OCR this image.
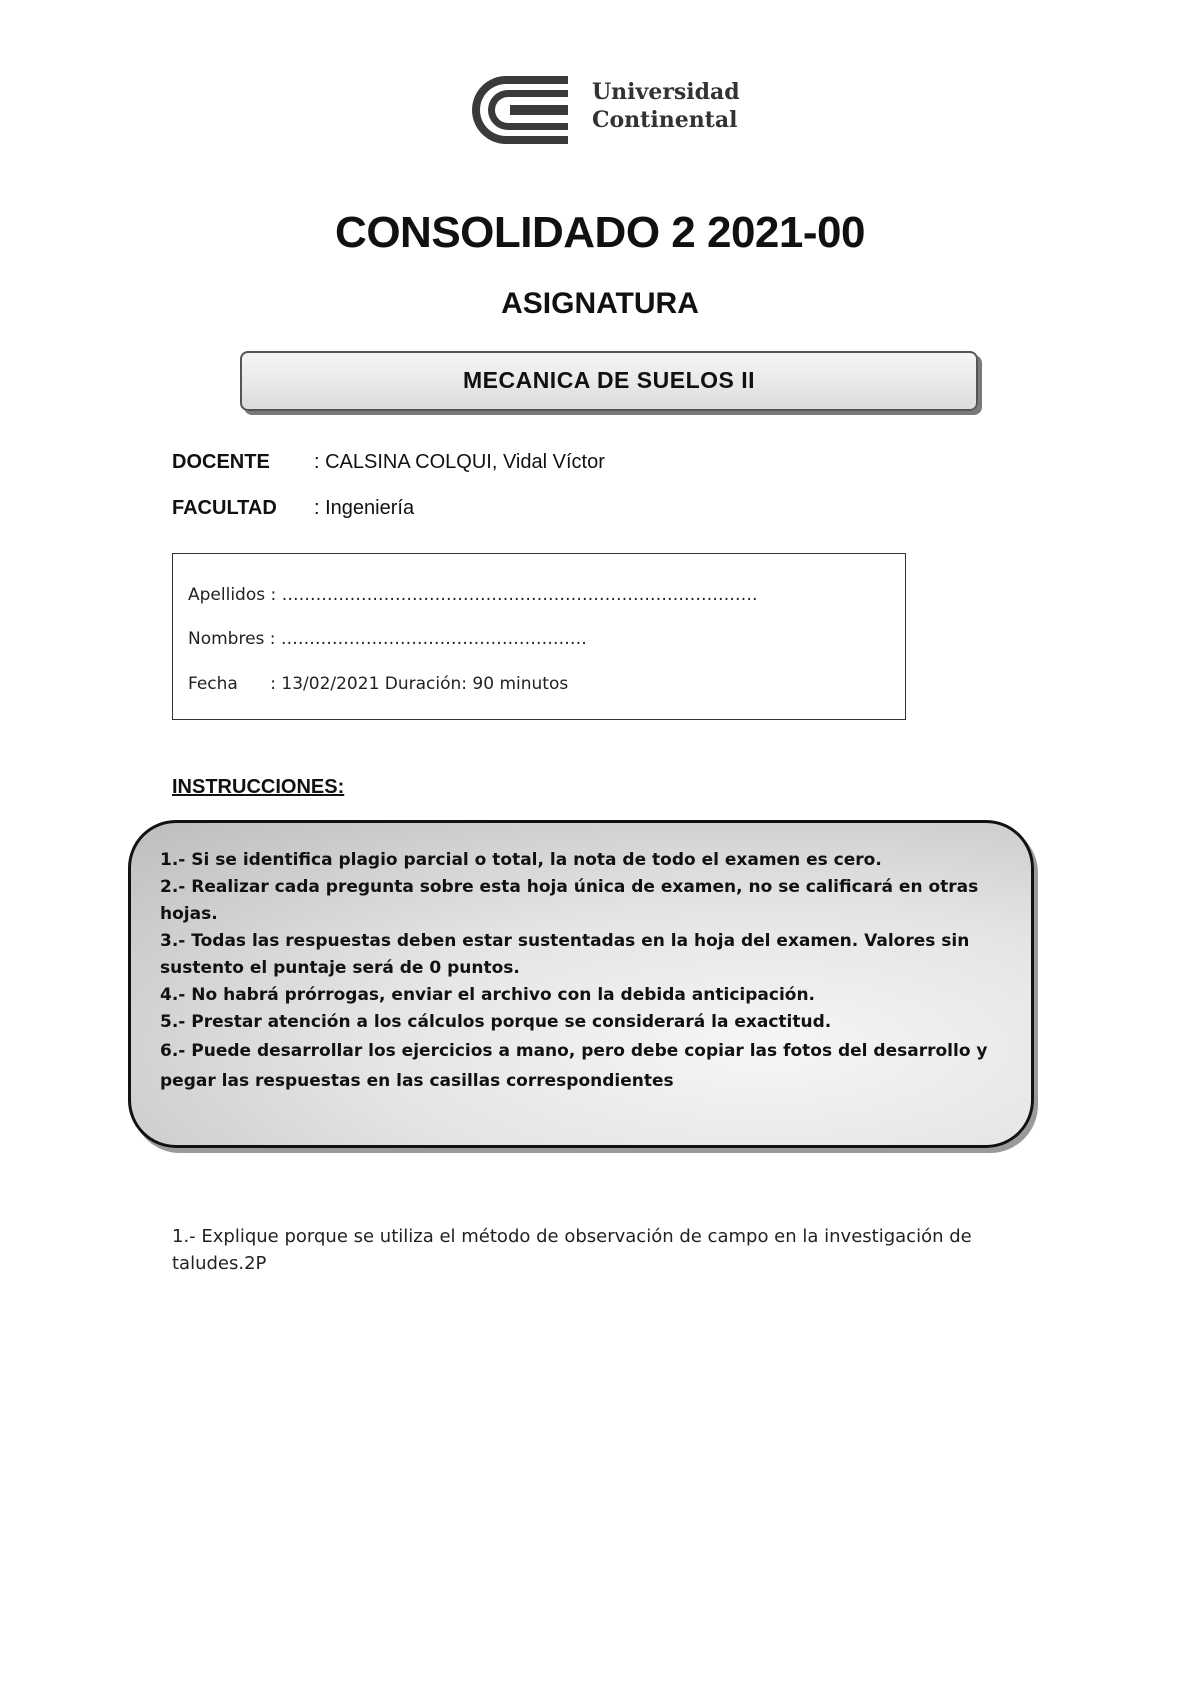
Universidad
Continental
CONSOLIDADO 2 2021-00
ASIGNATURA
MECANICA DE SUELOS II
DOCENTE : CALSINA COLQUI, Vidal Víctor
FACULTAD : Ingeniería
Apellidos : …………………………………………………………………………
Nombres : ………………………………………………
Fecha      : 13/02/2021 Duración: 90 minutos
INSTRUCCIONES:
1.- Si se identifica plagio parcial o total, la nota de todo el examen es cero.
2.- Realizar cada pregunta sobre esta hoja única de examen, no se calificará en otras hojas.
3.- Todas las respuestas deben estar sustentadas en la hoja del examen. Valores sin sustento el puntaje será de 0 puntos.
4.- No habrá prórrogas, enviar el archivo con la debida anticipación.
5.- Prestar atención a los cálculos porque se considerará la exactitud.
6.- Puede desarrollar los ejercicios a mano, pero debe copiar las fotos del desarrollo y pegar las respuestas en las casillas correspondientes
1.- Explique porque se utiliza el método de observación de campo en la investigación de taludes.2P
